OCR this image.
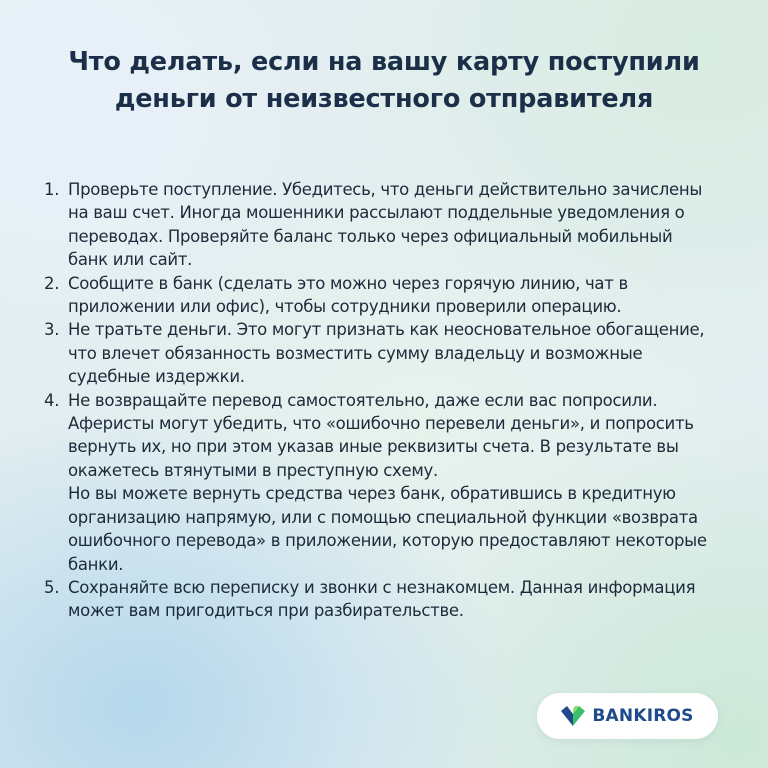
Что делать, если на вашу карту поступили деньги от неизвестного отправителя
1. Проверьте поступление. Убедитесь, что деньги действительно зачислены на ваш счет. Иногда мошенники рассылают поддельные уведомления о переводах. Проверяйте баланс только через официальный мобильный банк или сайт.
2. Сообщите в банк (сделать это можно через горячую линию, чат в приложении или офис), чтобы сотрудники проверили операцию.
3. Не тратьте деньги. Это могут признать как неосновательное обогащение, что влечет обязанность возместить сумму владельцу и возможные судебные издержки.
4. Не возвращайте перевод самостоятельно, даже если вас попросили. Аферисты могут убедить, что «ошибочно перевели деньги», и попросить вернуть их, но при этом указав иные реквизиты счета. В результате вы окажетесь втянутыми в преступную схему.
Но вы можете вернуть средства через банк, обратившись в кредитную организацию напрямую, или с помощью специальной функции «возврата ошибочного перевода» в приложении, которую предоставляют некоторые банки.
5. Сохраняйте всю переписку и звонки с незнакомцем. Данная информация может вам пригодиться при разбирательстве.
BANKIROS
